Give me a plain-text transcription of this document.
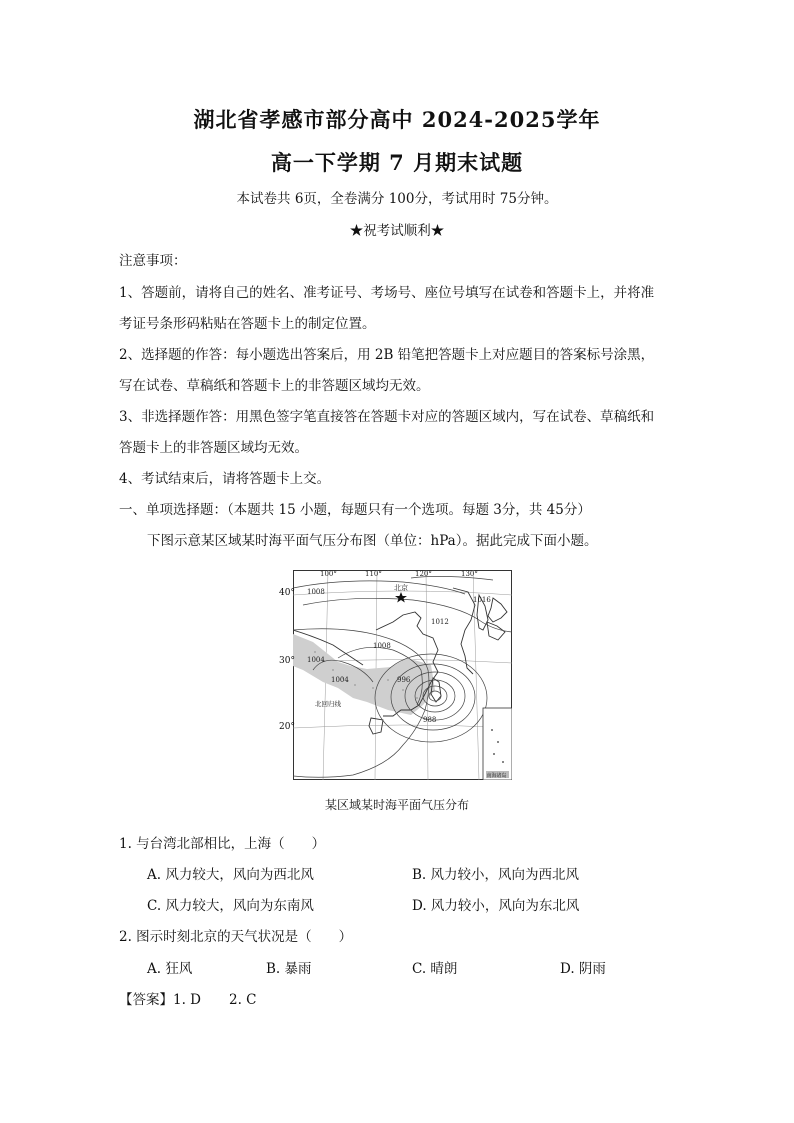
湖北省孝感市部分高中 2024-2025学年
高一下学期 7 月期末试题
本试卷共 6页，全卷满分 100分，考试用时 75分钟。
★祝考试顺利★
注意事项：
1、答题前，请将自己的姓名、准考证号、考场号、座位号填写在试卷和答题卡上，并将准
考证号条形码粘贴在答题卡上的制定位置。
2、选择题的作答：每小题选出答案后，用 2B 铅笔把答题卡上对应题目的答案标号涂黑，
写在试卷、草稿纸和答题卡上的非答题区域均无效。
3、非选择题作答：用黑色签字笔直接答在答题卡对应的答题区域内，写在试卷、草稿纸和
答题卡上的非答题区域均无效。
4、考试结束后，请将答题卡上交。
一、单项选择题：（本题共 15 小题，每题只有一个选项。每题 3分，共 45分）
下图示意某区域某时海平面气压分布图（单位：hPa）。据此完成下面小题。
100°	110°	120°	130°
北京
1016
1012
1008
1008
1004
1004
996
988
北回归线
南海诸岛
40°
30°
20°
某区域某时海平面气压分布
1. 与台湾北部相比，上海（　　）
A. 风力较大，风向为西北风	B. 风力较小，风向为西北风
C. 风力较大，风向为东南风	D. 风力较小，风向为东北风
2. 图示时刻北京的天气状况是（　　）
A. 狂风	B. 暴雨	C. 晴朗	D. 阴雨
【答案】1. D 2. C
